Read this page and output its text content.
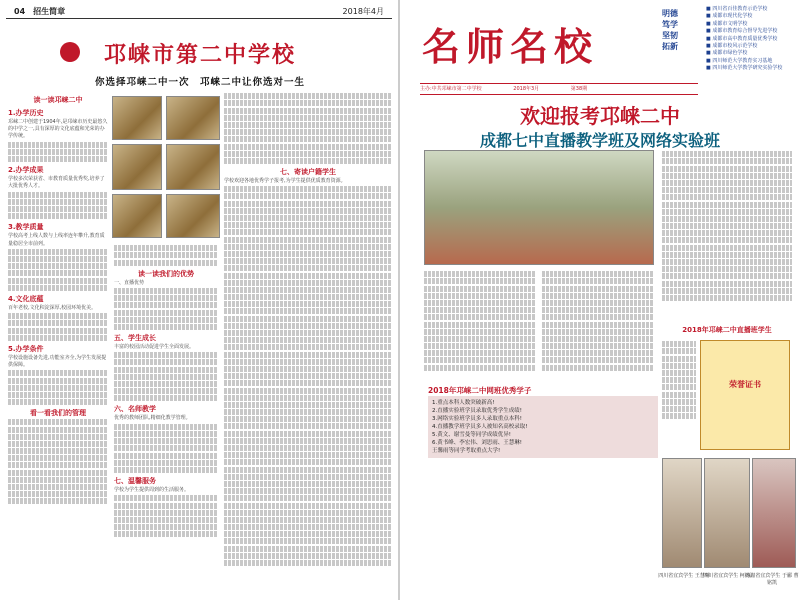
04　 招生简章	2018年4月
邛崃市第二中学校
你选择邛崃二中一次　邛崃二中让你选对一生
读一读邛崃二中
1.办学历史
邛崃二中创建于1904年,是邛崃市历史最悠久的中学之一,具有深厚的文化底蕴和光荣的办学传统。
2.办学成果
学校多次荣获省、市教育质量优秀奖,培养了大批优秀人才。
3.教学质量
学校高考上线人数与上线率连年攀升,教育质量稳居全市前列。
4.文化底蕴
百年老校,文化积淀深厚,校园环境优美。
5.办学条件
学校设施设备先进,功能室齐全,为学生发展提供保障。
看一看我们的管理
读一读我们的优势
一、直播优势
五、学生成长
丰富的校园活动促进学生全面发展。
六、名师教学
优秀的教师团队,精细化教学管理。
七、温馨服务
学校为学生提供周到的生活服务。
七、寄读户籍学生
学校欢迎各地优秀学子报考,为学生提供优质教育资源。
名师名校
明德
笃学
坚韧
拓新
■ 四川省百佳教育示范学校
■ 成都市现代化学校
■ 成都市文明学校
■ 成都市教育综合督导先进学校
■ 成都市高中教育质量优秀学校
■ 成都市校风示范学校
■ 成都市绿色学校
■ 四川师范大学教育实习基地
■ 四川师范大学教学研究实验学校
主办:中共邛崃市第二中学校	2018年3月	第38期
欢迎报考邛崃二中
成都七中直播教学班及网络实验班
2018年邛崃二中直播班学生
荣誉证书
2018年邛崃二中网班优秀学子
1.重点本科人数突破新高!
2.直播实验班学员录取优秀学生成绩!
3.网络实验班学员多人录取重点本科!
4.直播教学班学员多人被知名高校录取!
5.黄文、谢雪曼等同学成绩优异!
6.黄书峰、李宏伟、刘思雨、王慧琳!
王馨雨等同学考取重点大学!
四川省宜宾学生 王慧林
四川省宜宾学生 柯杨洁
四川省宜宾学生 于郦 曹铭凯
